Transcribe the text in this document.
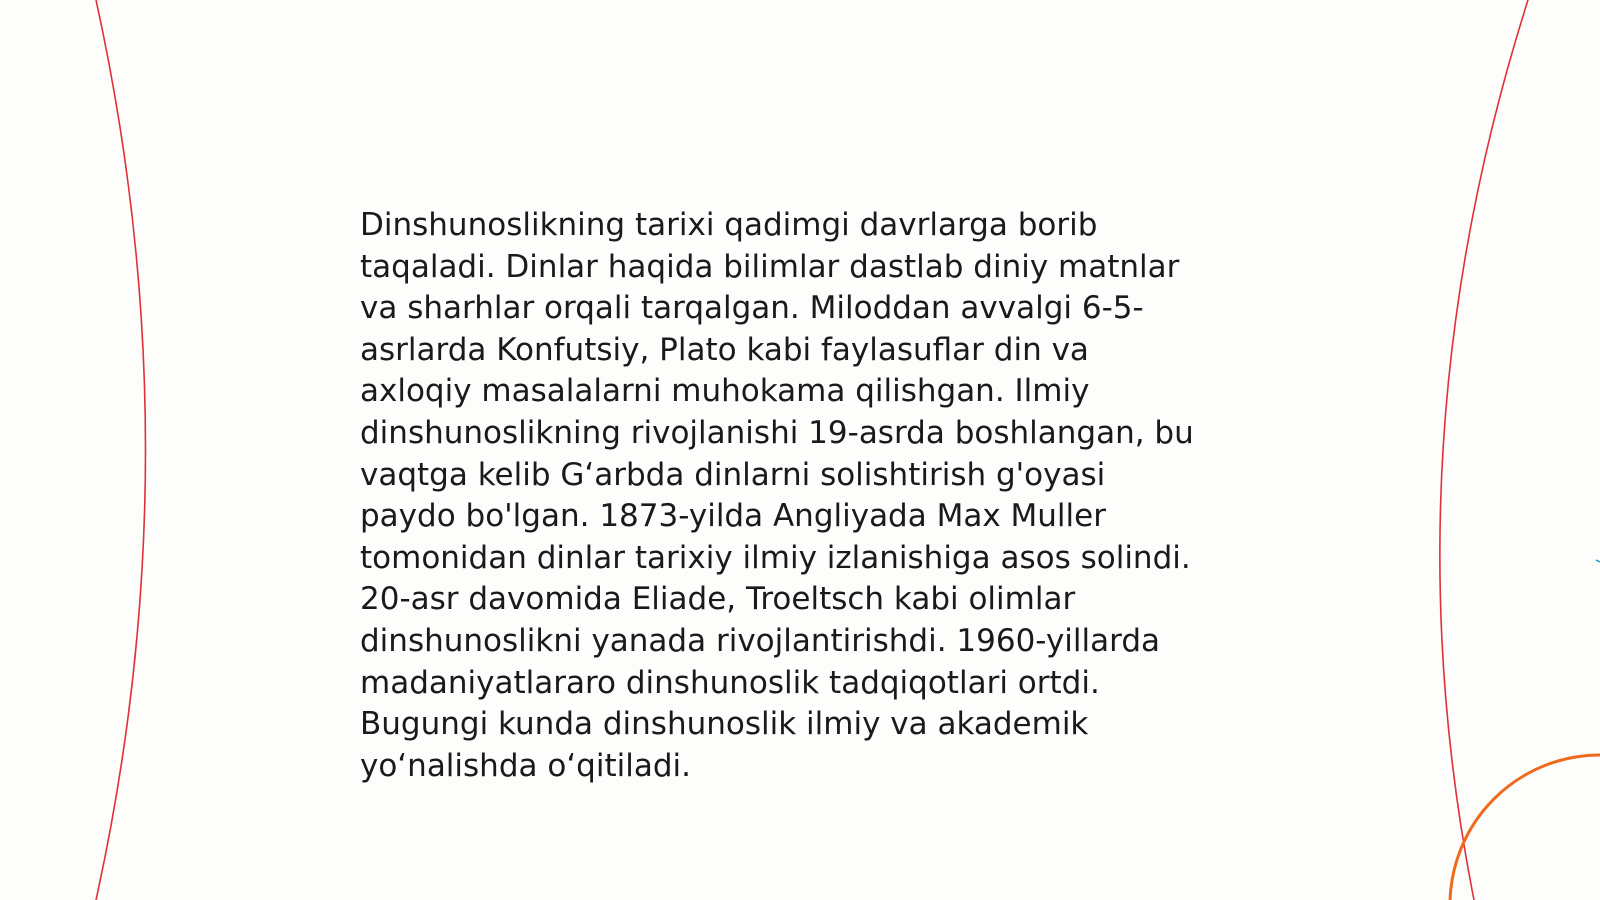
Dinshunoslikning tarixi qadimgi davrlarga borib
taqaladi. Dinlar haqida bilimlar dastlab diniy matnlar
va sharhlar orqali tarqalgan. Miloddan avvalgi 6-5-
asrlarda Konfutsiy, Plato kabi faylasuflar din va
axloqiy masalalarni muhokama qilishgan. Ilmiy
dinshunoslikning rivojlanishi 19-asrda boshlangan, bu
vaqtga kelib G‘arbda dinlarni solishtirish g'oyasi
paydo bo'lgan. 1873-yilda Angliyada Max Muller
tomonidan dinlar tarixiy ilmiy izlanishiga asos solindi.
20-asr davomida Eliade, Troeltsch kabi olimlar
dinshunoslikni yanada rivojlantirishdi. 1960-yillarda
madaniyatlararo dinshunoslik tadqiqotlari ortdi.
Bugungi kunda dinshunoslik ilmiy va akademik
yo‘nalishda o‘qitiladi.
